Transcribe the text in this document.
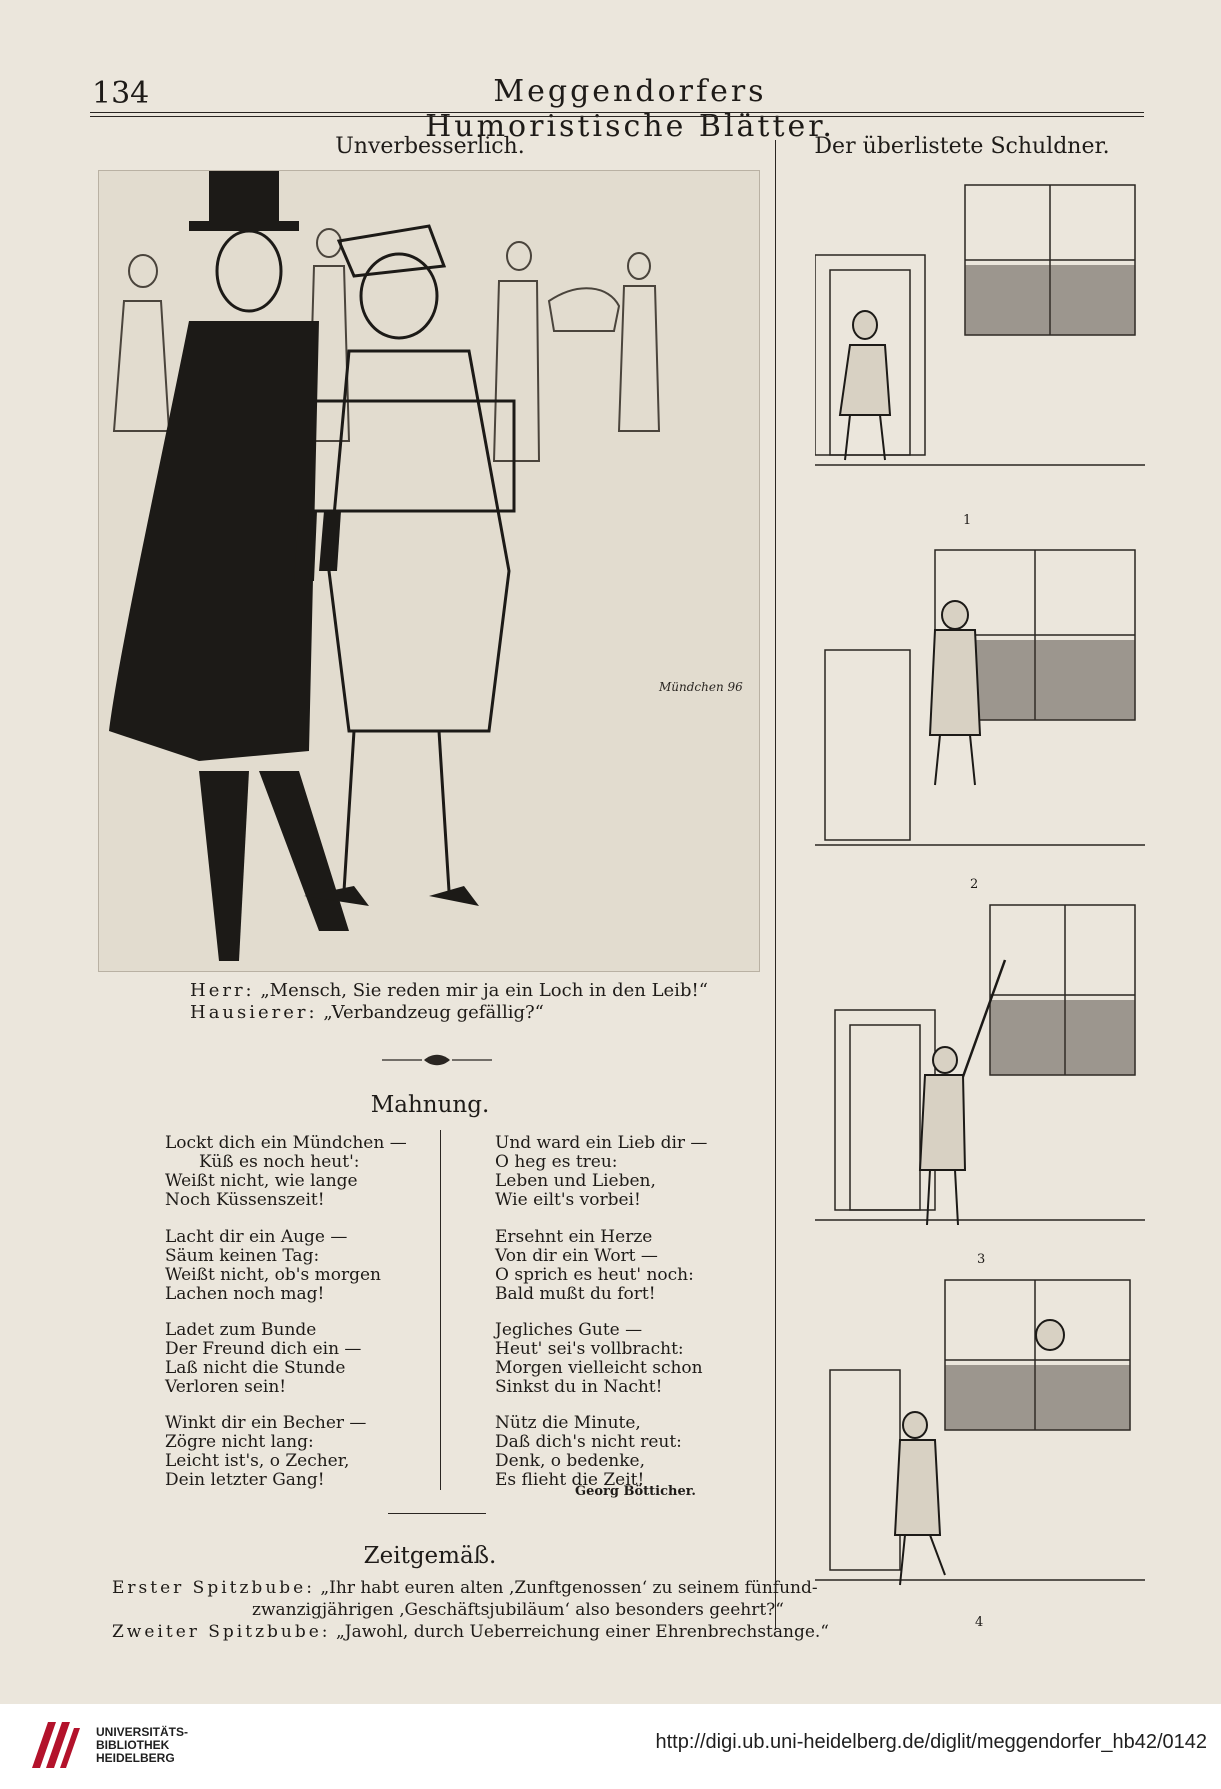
134	Meggendorfers Humoristische Blätter.
Unverbesserlich.
Mündchen 96
Herr: „Mensch, Sie reden mir ja ein Loch in den Leib!“
Hausierer: „Verbandzeug gefällig?“
Mahnung.
Lockt dich ein Mündchen —
Küß es noch heut':
Weißt nicht, wie lange
Noch Küssenszeit!
Lacht dir ein Auge —
Säum keinen Tag:
Weißt nicht, ob's morgen
Lachen noch mag!
Ladet zum Bunde
Der Freund dich ein —
Laß nicht die Stunde
Verloren sein!
Winkt dir ein Becher —
Zögre nicht lang:
Leicht ist's, o Zecher,
Dein letzter Gang!
Und ward ein Lieb dir —
O heg es treu:
Leben und Lieben,
Wie eilt's vorbei!
Ersehnt ein Herze
Von dir ein Wort —
O sprich es heut' noch:
Bald mußt du fort!
Jegliches Gute —
Heut' sei's vollbracht:
Morgen vielleicht schon
Sinkst du in Nacht!
Nütz die Minute,
Daß dich's nicht reut:
Denk, o bedenke,
Es flieht die Zeit!
Georg Bötticher.
Zeitgemäß.
Erster Spitzbube: „Ihr habt euren alten ‚Zunftgenossen‘ zu seinem fünfund-
zwanzigjährigen ‚Geschäftsjubiläum‘ also besonders geehrt?“
Zweiter Spitzbube: „Jawohl, durch Ueberreichung einer Ehrenbrechstange.“
Der überlistete Schuldner.
1
2
3
4
UNIVERSITÄTS-
BIBLIOTHEK
HEIDELBERG
http://digi.ub.uni-heidelberg.de/diglit/meggendorfer_hb42/0142
